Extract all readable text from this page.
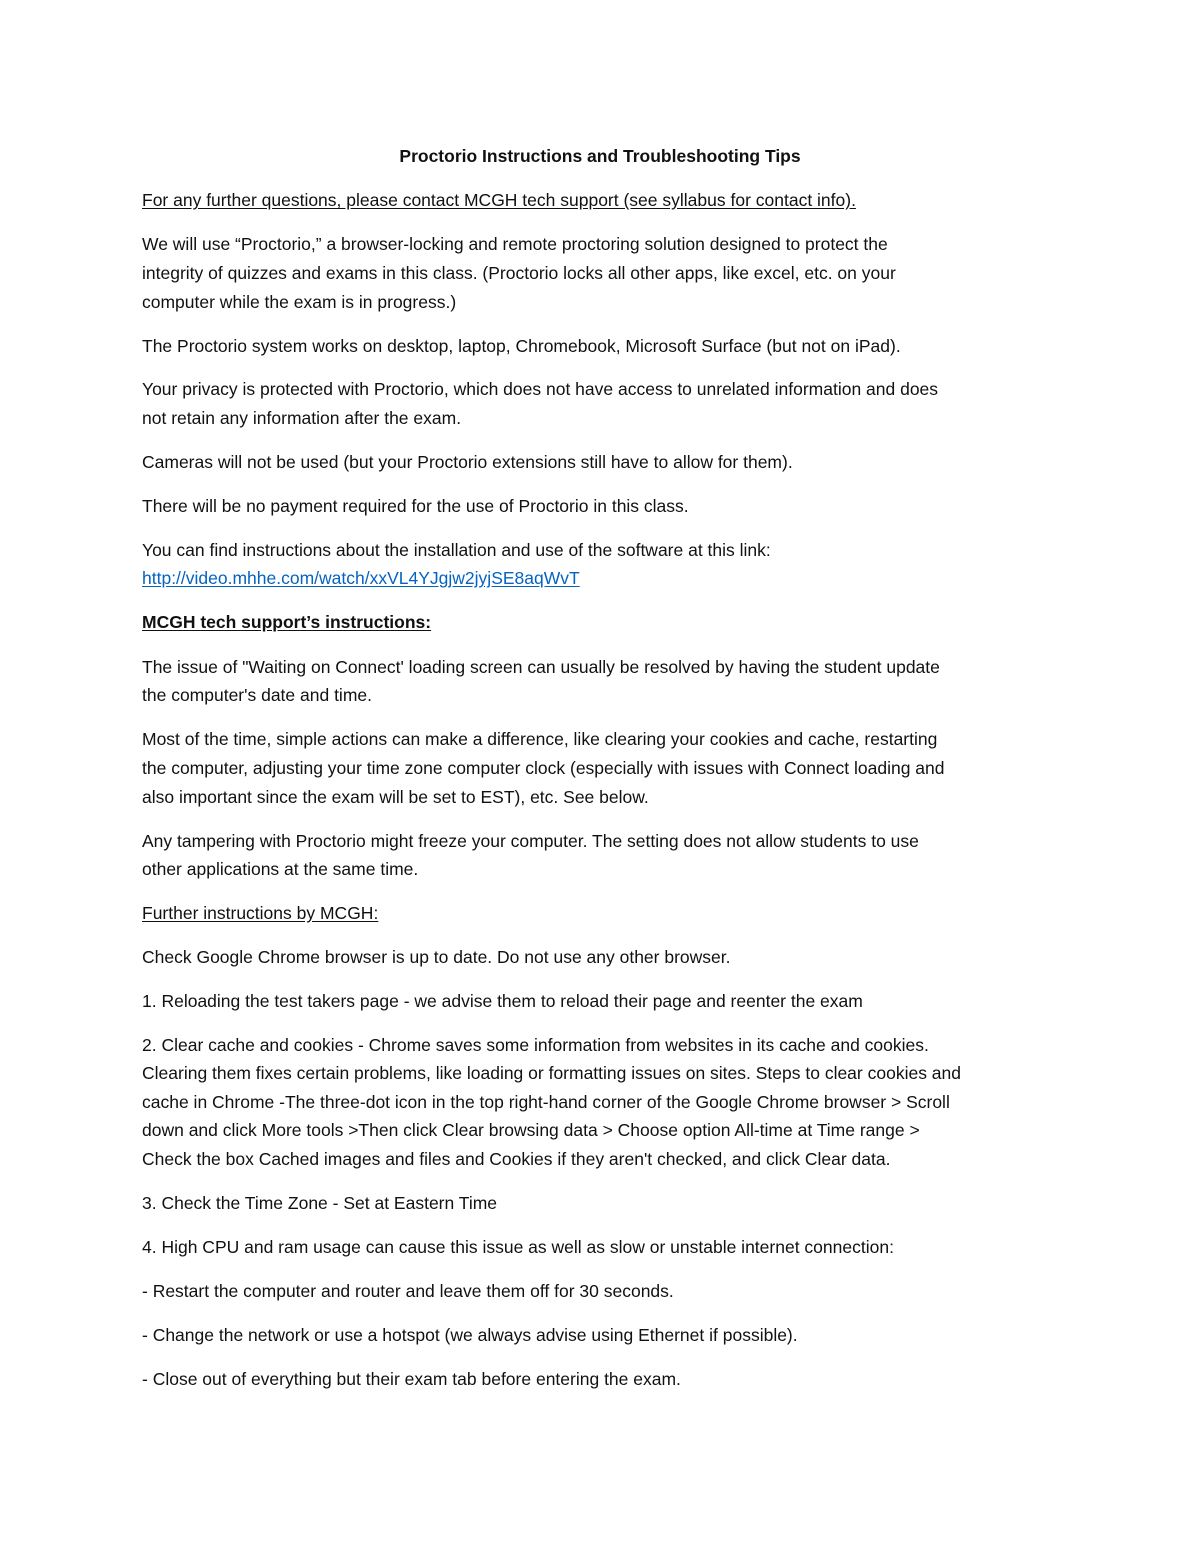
Proctorio Instructions and Troubleshooting Tips

For any further questions, please contact MCGH tech support (see syllabus for contact info).

We will use “Proctorio,” a browser-locking and remote proctoring solution designed to protect the

integrity of quizzes and exams in this class. (Proctorio locks all other apps, like excel, etc. on your

computer while the exam is in progress.)

The Proctorio system works on desktop, laptop, Chromebook, Microsoft Surface (but not on iPad).

Your privacy is protected with Proctorio, which does not have access to unrelated information and does

not retain any information after the exam.

Cameras will not be used (but your Proctorio extensions still have to allow for them).

There will be no payment required for the use of Proctorio in this class.

You can find instructions about the installation and use of the software at this link:

http://video.mhhe.com/watch/xxVL4YJgjw2jyjSE8aqWvT

MCGH tech support’s instructions:

The issue of "Waiting on Connect' loading screen can usually be resolved by having the student update

the computer's date and time.

Most of the time, simple actions can make a difference, like clearing your cookies and cache, restarting

the computer, adjusting your time zone computer clock (especially with issues with Connect loading and

also important since the exam will be set to EST), etc. See below.

Any tampering with Proctorio might freeze your computer. The setting does not allow students to use

other applications at the same time.

Further instructions by MCGH:

Check Google Chrome browser is up to date. Do not use any other browser.

1. Reloading the test takers page - we advise them to reload their page and reenter the exam

2. Clear cache and cookies - Chrome saves some information from websites in its cache and cookies.

Clearing them fixes certain problems, like loading or formatting issues on sites. Steps to clear cookies and

cache in Chrome -The three-dot icon in the top right-hand corner of the Google Chrome browser > Scroll

down and click More tools >Then click Clear browsing data > Choose option All-time at Time range >

Check the box Cached images and files and Cookies if they aren't checked, and click Clear data.

3. Check the Time Zone - Set at Eastern Time

4. High CPU and ram usage can cause this issue as well as slow or unstable internet connection:

- Restart the computer and router and leave them off for 30 seconds.

- Change the network or use a hotspot (we always advise using Ethernet if possible).

- Close out of everything but their exam tab before entering the exam.
